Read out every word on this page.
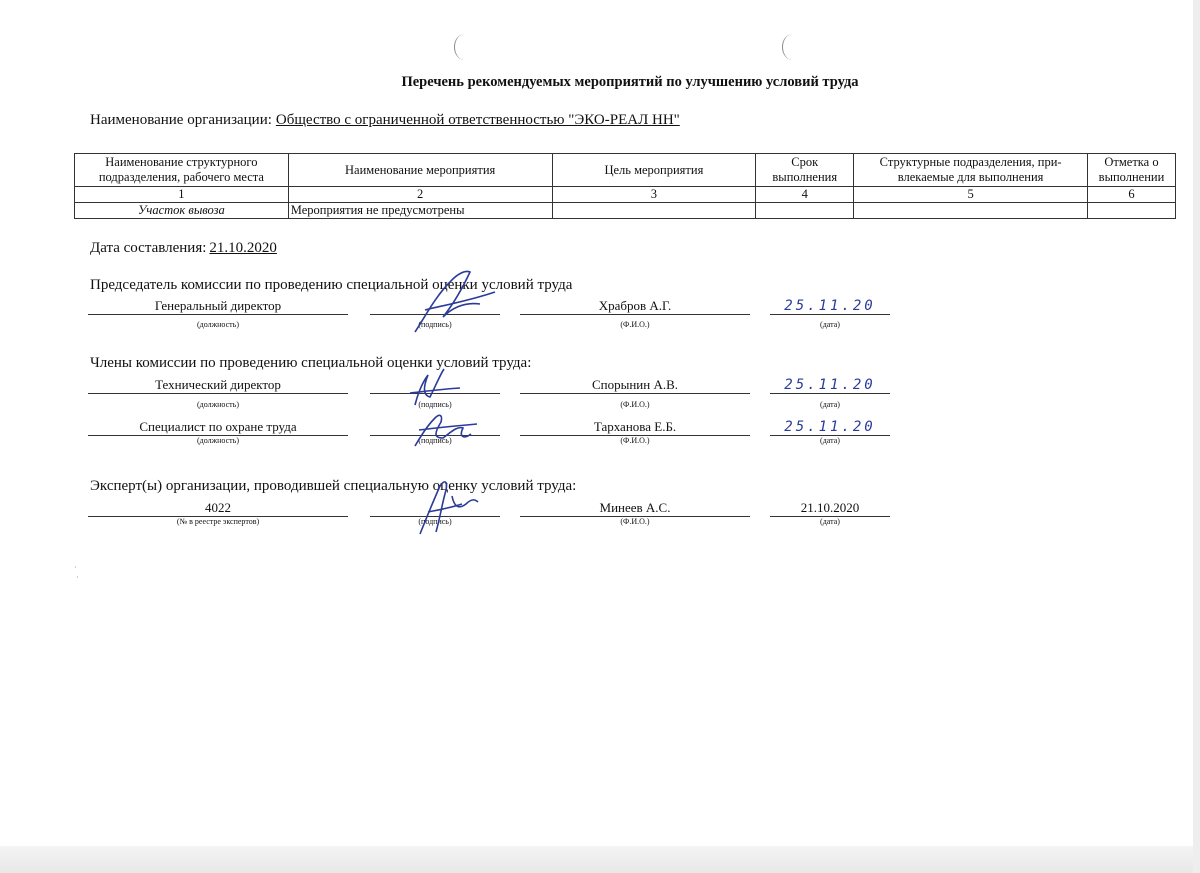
Перечень рекомендуемых мероприятий по улучшению условий труда
Наименование организации: Общество с ограниченной ответственностью "ЭКО-РЕАЛ НН"
Наименование структурного подразделения, рабочего места	Наименование мероприятия	Цель мероприятия	Срок выполнения	Структурные подразделения, при-влекаемые для выполнения	Отметка о выполнении
1	2	3	4	5	6
Участок вывоза	Мероприятия не предусмотрены				
Дата составления: 21.10.2020
Председатель комиссии по проведению специальной оценки условий труда
Генеральный директор
(должность)	(подпись)
Храбров А.Г.
(Ф.И.О.)
25.11.20
(дата)
Члены комиссии по проведению специальной оценки условий труда:
Технический директор
(должность)	(подпись)
Спорынин А.В.
(Ф.И.О.)
25.11.20
(дата)
Специалист по охране труда
(должность)	(подпись)
Тарханова Е.Б.
(Ф.И.О.)
25.11.20
(дата)
Эксперт(ы) организации, проводившей специальную оценку условий труда:
4022
(№ в реестре экспертов)	(подпись)
Минеев А.С.
(Ф.И.О.)
21.10.2020
(дата)
·
·
